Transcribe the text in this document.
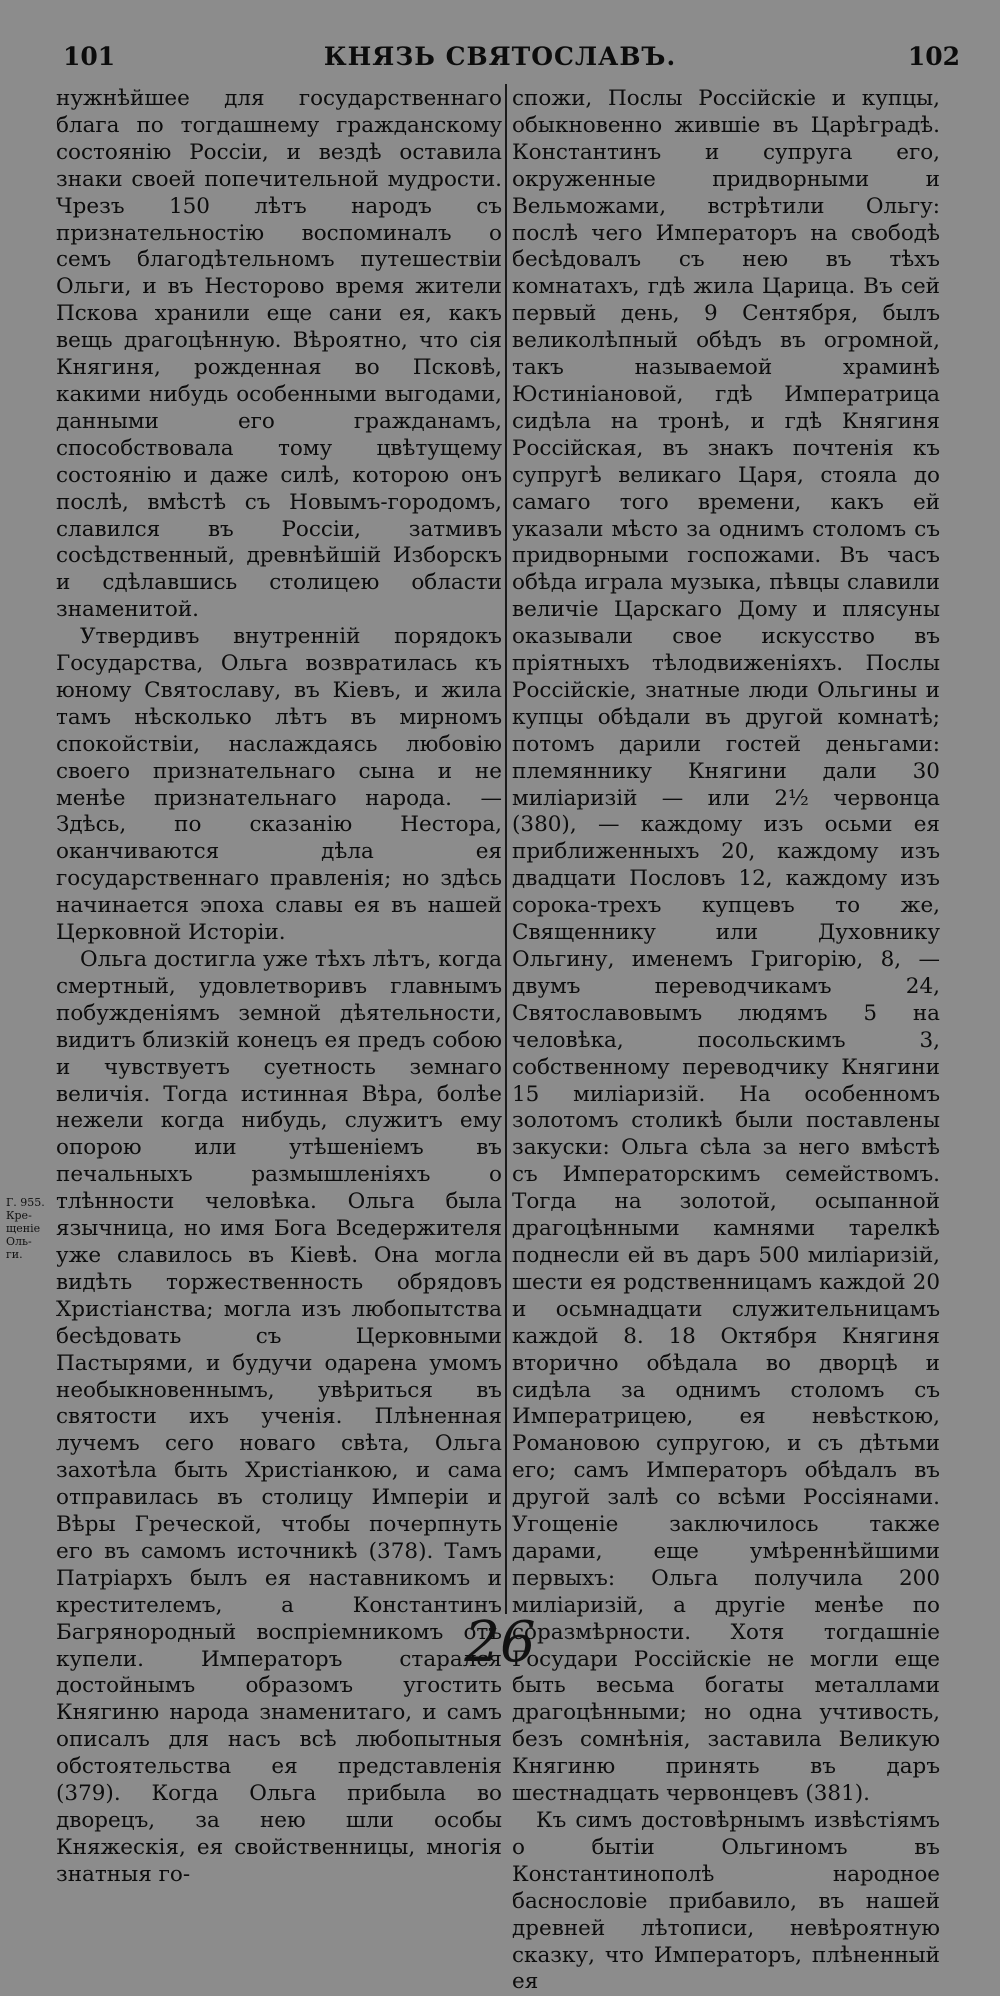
101	КНЯЗЬ СВЯТОСЛАВЪ.	102

нужнѣйшее для государственнаго блага по тогдашнему гражданскому состоянію Россіи, и вездѣ оставила знаки своей попечительной мудрости. Чрезъ 150 лѣтъ народъ съ признательностію воспоминалъ о семъ благодѣтельномъ путешествіи Ольги, и въ Несторово время жители Пскова хранили еще сани ея, какъ вещь драгоцѣнную. Вѣроятно, что сія Княгиня, рожденная во Псковѣ, какими нибудь особенными выгодами, данными его гражданамъ, способствовала тому цвѣтущему состоянію и даже силѣ, которою онъ послѣ, вмѣстѣ съ Новымъ-городомъ, славился въ Россіи, затмивъ сосѣдственный, древнѣйшій Изборскъ и сдѣлавшись столицею области знаменитой.

Утвердивъ внутренній порядокъ Государства, Ольга возвратилась къ юному Святославу, въ Кіевъ, и жила тамъ нѣсколько лѣтъ въ мирномъ спокойствіи, наслаждаясь любовію своего признательнаго сына и не менѣе признательнаго народа. — Здѣсь, по сказанію Нестора, оканчиваются дѣла ея государственнаго правленія; но здѣсь начинается эпоха славы ея въ нашей Церковной Исторіи.

Ольга достигла уже тѣхъ лѣтъ, когда смертный, удовлетворивъ главнымъ побужденіямъ земной дѣятельности, видитъ близкій конецъ ея предъ собою и чувствуетъ суетность земнаго величія. Тогда истинная Вѣра, болѣе нежели когда нибудь, служитъ ему опорою или утѣшеніемъ въ печальныхъ размышленіяхъ о тлѣнности человѣка. Ольга была язычница, но имя Бога Вседержителя уже славилось въ Кіевѣ. Она могла видѣть торжественность обрядовъ Христіанства; могла изъ любопытства бесѣдовать съ Церковными Пастырями, и будучи одарена умомъ необыкновеннымъ, увѣриться въ святости ихъ ученія. Плѣненная лучемъ сего новаго свѣта, Ольга захотѣла быть Христіанкою, и сама отправилась въ столицу Имперіи и Вѣры Греческой, чтобы почерпнуть его въ самомъ источникѣ (378). Тамъ Патріархъ былъ ея наставникомъ и крестителемъ, а Константинъ Багрянородный воспріемникомъ отъ купели. Императоръ старался достойнымъ образомъ угостить Княгиню народа знаменитаго, и самъ описалъ для насъ всѣ любопытныя обстоятельства ея представленія (379). Когда Ольга прибыла во дворецъ, за нею шли особы Княжескія, ея свойственницы, многія знатныя го-

Г. 955.
Кре-
щеніе
Оль-
ги.

спожи, Послы Россійскіе и купцы, обыкновенно жившіе въ Царѣградѣ. Константинъ и супруга его, окруженные придворными и Вельможами, встрѣтили Ольгу: послѣ чего Императоръ на свободѣ бесѣдовалъ съ нею въ тѣхъ комнатахъ, гдѣ жила Царица. Въ сей первый день, 9 Сентября, былъ великолѣпный обѣдъ въ огромной, такъ называемой храминѣ Юстиніановой, гдѣ Императрица сидѣла на тронѣ, и гдѣ Княгиня Россійская, въ знакъ почтенія къ супругѣ великаго Царя, стояла до самаго того времени, какъ ей указали мѣсто за однимъ столомъ съ придворными госпожами. Въ часъ обѣда играла музыка, пѣвцы славили величіе Царскаго Дому и плясуны оказывали свое искусство въ пріятныхъ тѣлодвиженіяхъ. Послы Россійскіе, знатные люди Ольгины и купцы обѣдали въ другой комнатѣ; потомъ дарили гостей деньгами: племяннику Княгини дали 30 миліаризій — или 2½ червонца (380), — каждому изъ осьми ея приближенныхъ 20, каждому изъ двадцати Пословъ 12, каждому изъ сорока-трехъ купцевъ то же, Священнику или Духовнику Ольгину, именемъ Григорію, 8, — двумъ переводчикамъ 24, Святославовымъ людямъ 5 на человѣка, посольскимъ 3, собственному переводчику Княгини 15 миліаризій. На особенномъ золотомъ столикѣ были поставлены закуски: Ольга сѣла за него вмѣстѣ съ Императорскимъ семействомъ. Тогда на золотой, осыпанной драгоцѣнными камнями тарелкѣ поднесли ей въ даръ 500 миліаризій, шести ея родственницамъ каждой 20 и осьмнадцати служительницамъ каждой 8. 18 Октября Княгиня вторично обѣдала во дворцѣ и сидѣла за однимъ столомъ съ Императрицею, ея невѣсткою, Романовою супругою, и съ дѣтьми его; самъ Императоръ обѣдалъ въ другой залѣ со всѣми Россіянами. Угощеніе заключилось также дарами, еще умѣреннѣйшими первыхъ: Ольга получила 200 миліаризій, а другіе менѣе по соразмѣрности. Хотя тогдашніе Государи Россійскіе не могли еще быть весьма богаты металлами драгоцѣнными; но одна учтивость, безъ сомнѣнія, заставила Великую Княгиню принять въ даръ шестнадцать червонцевъ (381).

Къ симъ достовѣрнымъ извѣстіямъ о бытіи Ольгиномъ въ Константинополѣ народное баснословіе прибавило, въ нашей древней лѣтописи, невѣроятную сказку, что Императоръ, плѣненный ея

26
